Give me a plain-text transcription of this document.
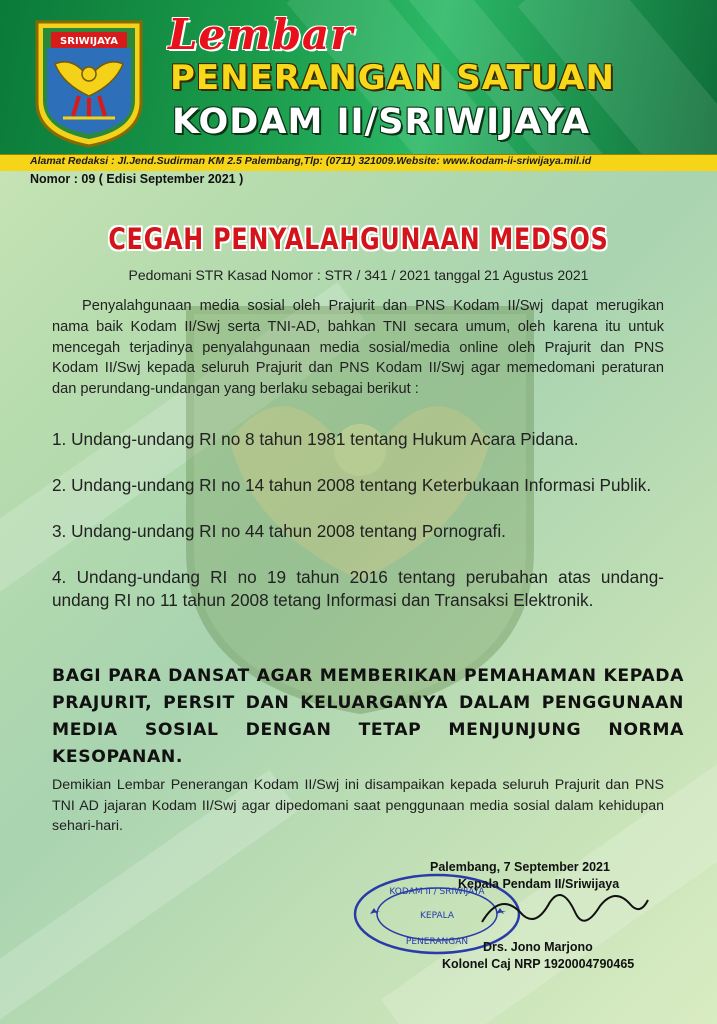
SRIWIJAYA Lembar
PENERANGAN SATUAN
KODAM II/SRIWIJAYA
Alamat Redaksi : Jl.Jend.Sudirman KM 2.5 Palembang,Tlp: (0711) 321009.Website: www.kodam-ii-sriwijaya.mil.id
Nomor : 09 ( Edisi September 2021 )
CEGAH PENYALAHGUNAAN MEDSOS
Pedomani STR Kasad Nomor : STR / 341 / 2021 tanggal 21 Agustus 2021
Penyalahgunaan media sosial oleh Prajurit dan PNS Kodam II/Swj dapat merugikan nama baik Kodam II/Swj serta TNI-AD, bahkan TNI secara umum, oleh karena itu untuk mencegah terjadinya penyalahgunaan media sosial/media online oleh Prajurit dan PNS Kodam II/Swj kepada seluruh Prajurit dan PNS Kodam II/Swj agar memedomani peraturan dan perundang-undangan yang berlaku sebagai berikut :
1. Undang-undang RI no 8 tahun 1981 tentang Hukum Acara Pidana.
2. Undang-undang RI no 14 tahun 2008 tentang Keterbukaan Informasi Publik.
3. Undang-undang RI no 44 tahun 2008 tentang Pornografi.
4. Undang-undang RI no 19 tahun 2016 tentang perubahan atas undang-undang RI no 11 tahun 2008 tetang Informasi dan Transaksi Elektronik.
BAGI PARA DANSAT AGAR MEMBERIKAN PEMAHAMAN KEPADA PRAJURIT, PERSIT DAN KELUARGANYA DALAM PENGGUNAAN MEDIA SOSIAL DENGAN TETAP MENJUNJUNG NORMA KESOPANAN.
Demikian Lembar Penerangan Kodam II/Swj ini disampaikan kepada seluruh Prajurit dan PNS TNI AD jajaran Kodam II/Swj agar dipedomani saat penggunaan media sosial dalam kehidupan sehari-hari.
KODAM II / SRIWIJAYA
KEPALA
PENERANGAN
Palembang, 7 September 2021
Kepala Pendam II/Sriwijaya
Drs. Jono Marjono
Kolonel Caj NRP 1920004790465
